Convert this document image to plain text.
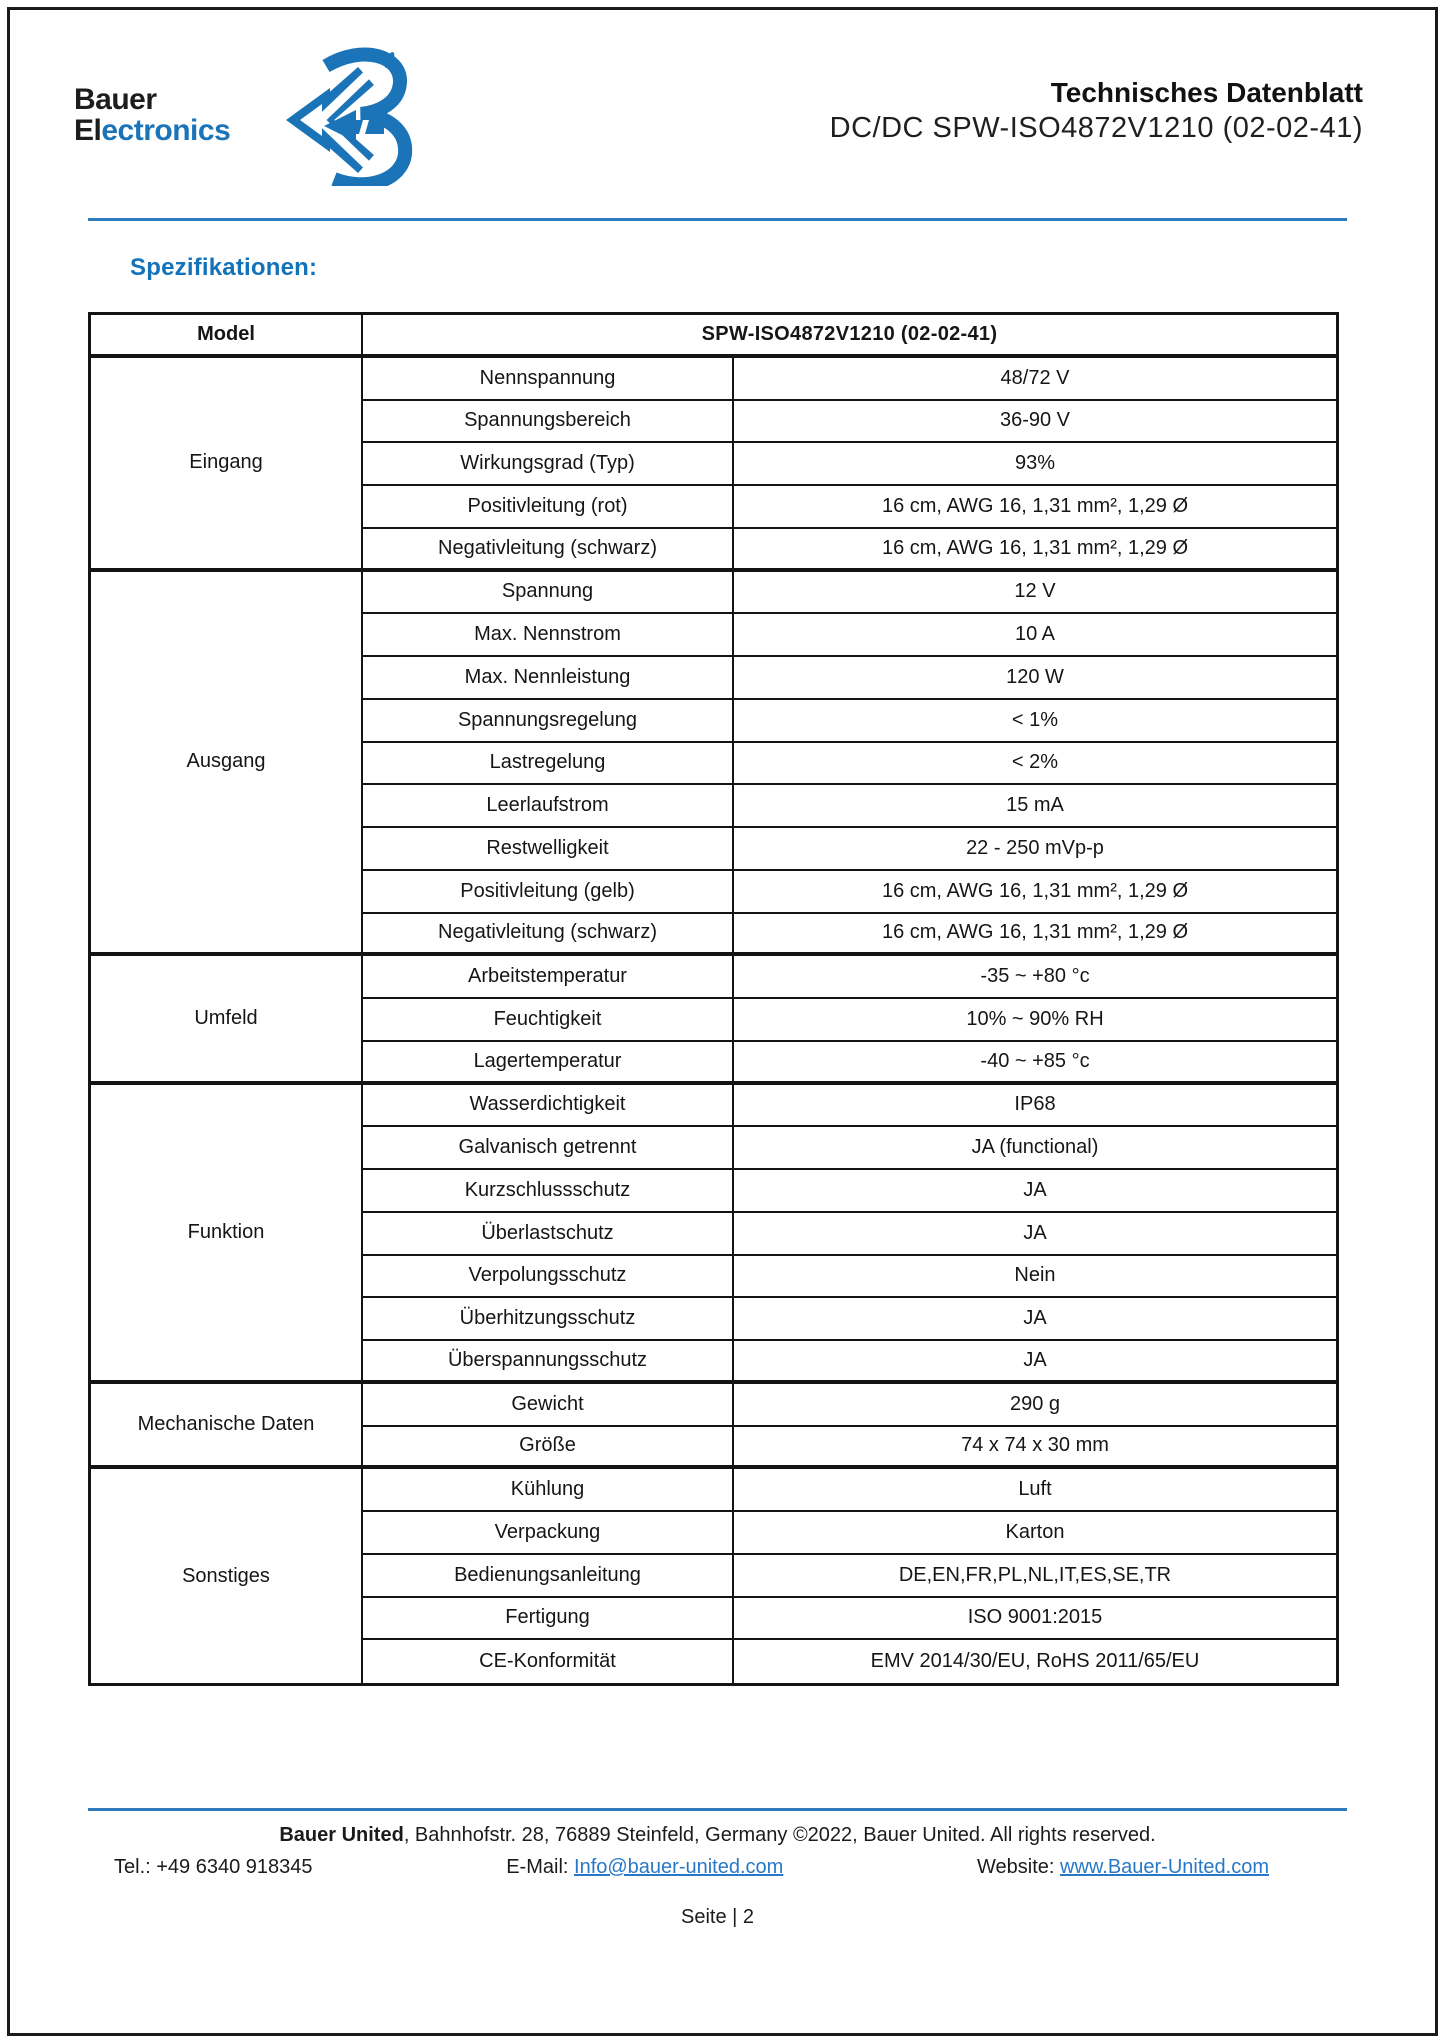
Bauer
Electronics
Technisches Datenblatt
DC/DC SPW-ISO4872V1210 (02-02-41)
Spezifikationen:
Model	SPW-ISO4872V1210 (02-02-41)
Eingang
Nennspannung	48/72 V
Spannungsbereich	36-90 V
Wirkungsgrad (Typ)	93%
Positivleitung (rot)	16 cm, AWG 16, 1,31 mm², 1,29 Ø
Negativleitung (schwarz)	16 cm, AWG 16, 1,31 mm², 1,29 Ø
Ausgang
Spannung	12 V
Max. Nennstrom	10 A
Max. Nennleistung	120 W
Spannungsregelung	< 1%
Lastregelung	< 2%
Leerlaufstrom	15 mA
Restwelligkeit	22 - 250 mVp-p
Positivleitung (gelb)	16 cm, AWG 16, 1,31 mm², 1,29 Ø
Negativleitung (schwarz)	16 cm, AWG 16, 1,31 mm², 1,29 Ø
Umfeld
Arbeitstemperatur	-35 ~ +80 °c
Feuchtigkeit	10% ~ 90% RH
Lagertemperatur	-40 ~ +85 °c
Funktion
Wasserdichtigkeit	IP68
Galvanisch getrennt	JA (functional)
Kurzschlussschutz	JA
Überlastschutz	JA
Verpolungsschutz	Nein
Überhitzungsschutz	JA
Überspannungsschutz	JA
Mechanische Daten
Gewicht	290 g
Größe	74 x 74 x 30 mm
Sonstiges
Kühlung	Luft
Verpackung	Karton
Bedienungsanleitung	DE,EN,FR,PL,NL,IT,ES,SE,TR
Fertigung	ISO 9001:2015
CE-Konformität	EMV 2014/30/EU, RoHS 2011/65/EU
Bauer United, Bahnhofstr. 28, 76889 Steinfeld, Germany ©2022, Bauer United. All rights reserved.
Tel.: +49 6340 918345	E-Mail: Info@bauer-united.com	Website: www.Bauer-United.com
Seite | 2
